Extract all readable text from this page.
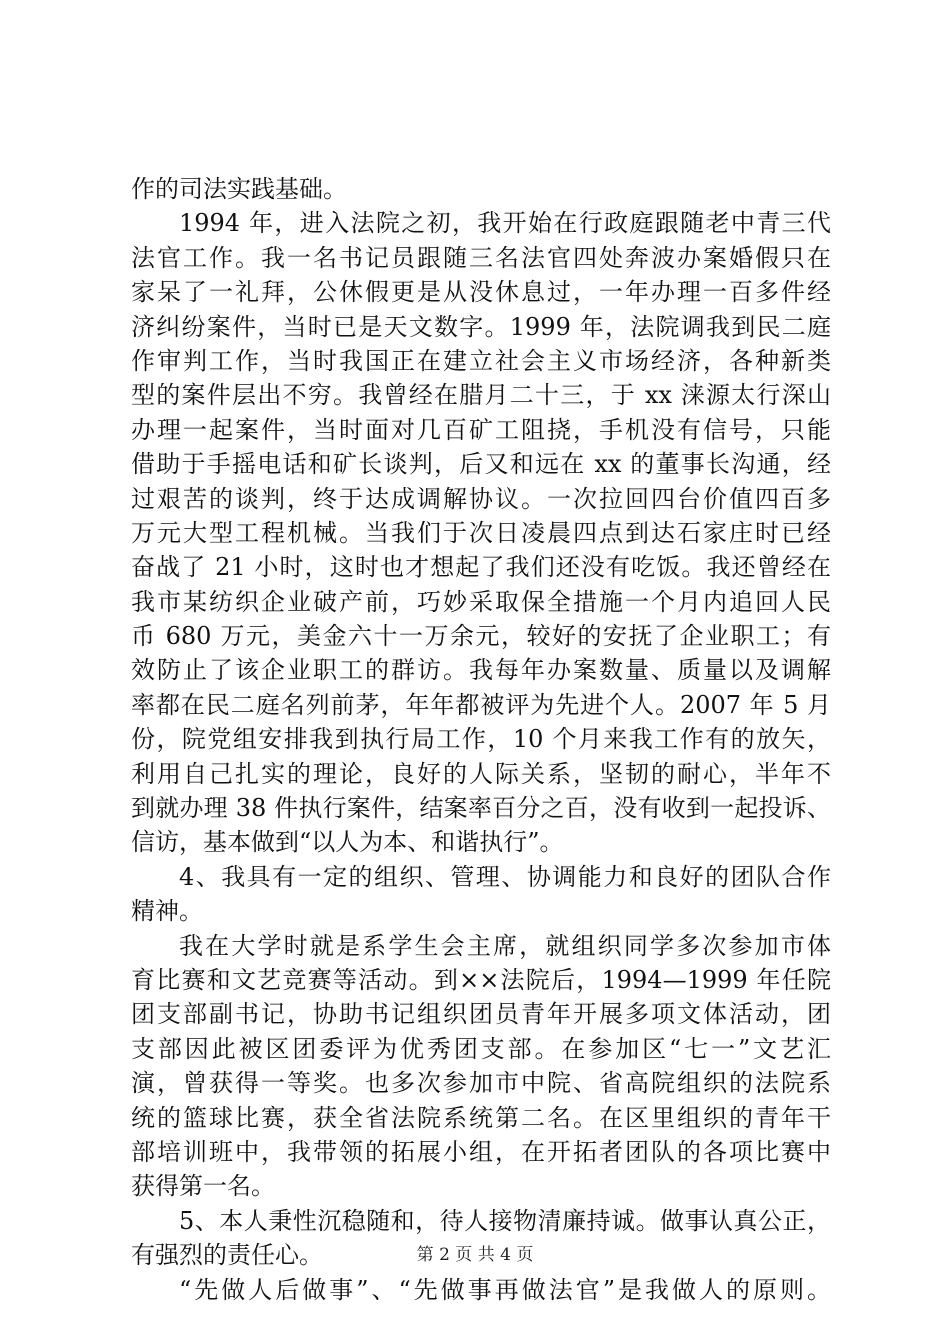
作的司法实践基础。
1994 年，进入法院之初，我开始在行政庭跟随老中青三代
法官工作。我一名书记员跟随三名法官四处奔波办案婚假只在
家呆了一礼拜，公休假更是从没休息过，一年办理一百多件经
济纠纷案件，当时已是天文数字。1999 年，法院调我到民二庭
作审判工作，当时我国正在建立社会主义市场经济，各种新类
型的案件层出不穷。我曾经在腊月二十三，于 xx 涞源太行深山
办理一起案件，当时面对几百矿工阻挠，手机没有信号，只能
借助于手摇电话和矿长谈判，后又和远在 xx 的董事长沟通，经
过艰苦的谈判，终于达成调解协议。一次拉回四台价值四百多
万元大型工程机械。当我们于次日凌晨四点到达石家庄时已经
奋战了 21 小时，这时也才想起了我们还没有吃饭。我还曾经在
我市某纺织企业破产前，巧妙采取保全措施一个月内追回人民
币 680 万元，美金六十一万余元，较好的安抚了企业职工；有
效防止了该企业职工的群访。我每年办案数量、质量以及调解
率都在民二庭名列前茅，年年都被评为先进个人。2007 年 5 月
份，院党组安排我到执行局工作，10 个月来我工作有的放矢，
利用自己扎实的理论，良好的人际关系，坚韧的耐心，半年不
到就办理 38 件执行案件，结案率百分之百，没有收到一起投诉、
信访，基本做到“以人为本、和谐执行”。
4、我具有一定的组织、管理、协调能力和良好的团队合作
精神。
我在大学时就是系学生会主席，就组织同学多次参加市体
育比赛和文艺竞赛等活动。到××法院后，1994—1999 年任院
团支部副书记，协助书记组织团员青年开展多项文体活动，团
支部因此被区团委评为优秀团支部。在参加区“七一”文艺汇
演，曾获得一等奖。也多次参加市中院、省高院组织的法院系
统的篮球比赛，获全省法院系统第二名。在区里组织的青年干
部培训班中，我带领的拓展小组，在开拓者团队的各项比赛中
获得第一名。
5、本人秉性沉稳随和，待人接物清廉持诚。做事认真公正，
有强烈的责任心。
“先做人后做事”、“先做事再做法官”是我做人的原则。
第 2 页 共 4 页
